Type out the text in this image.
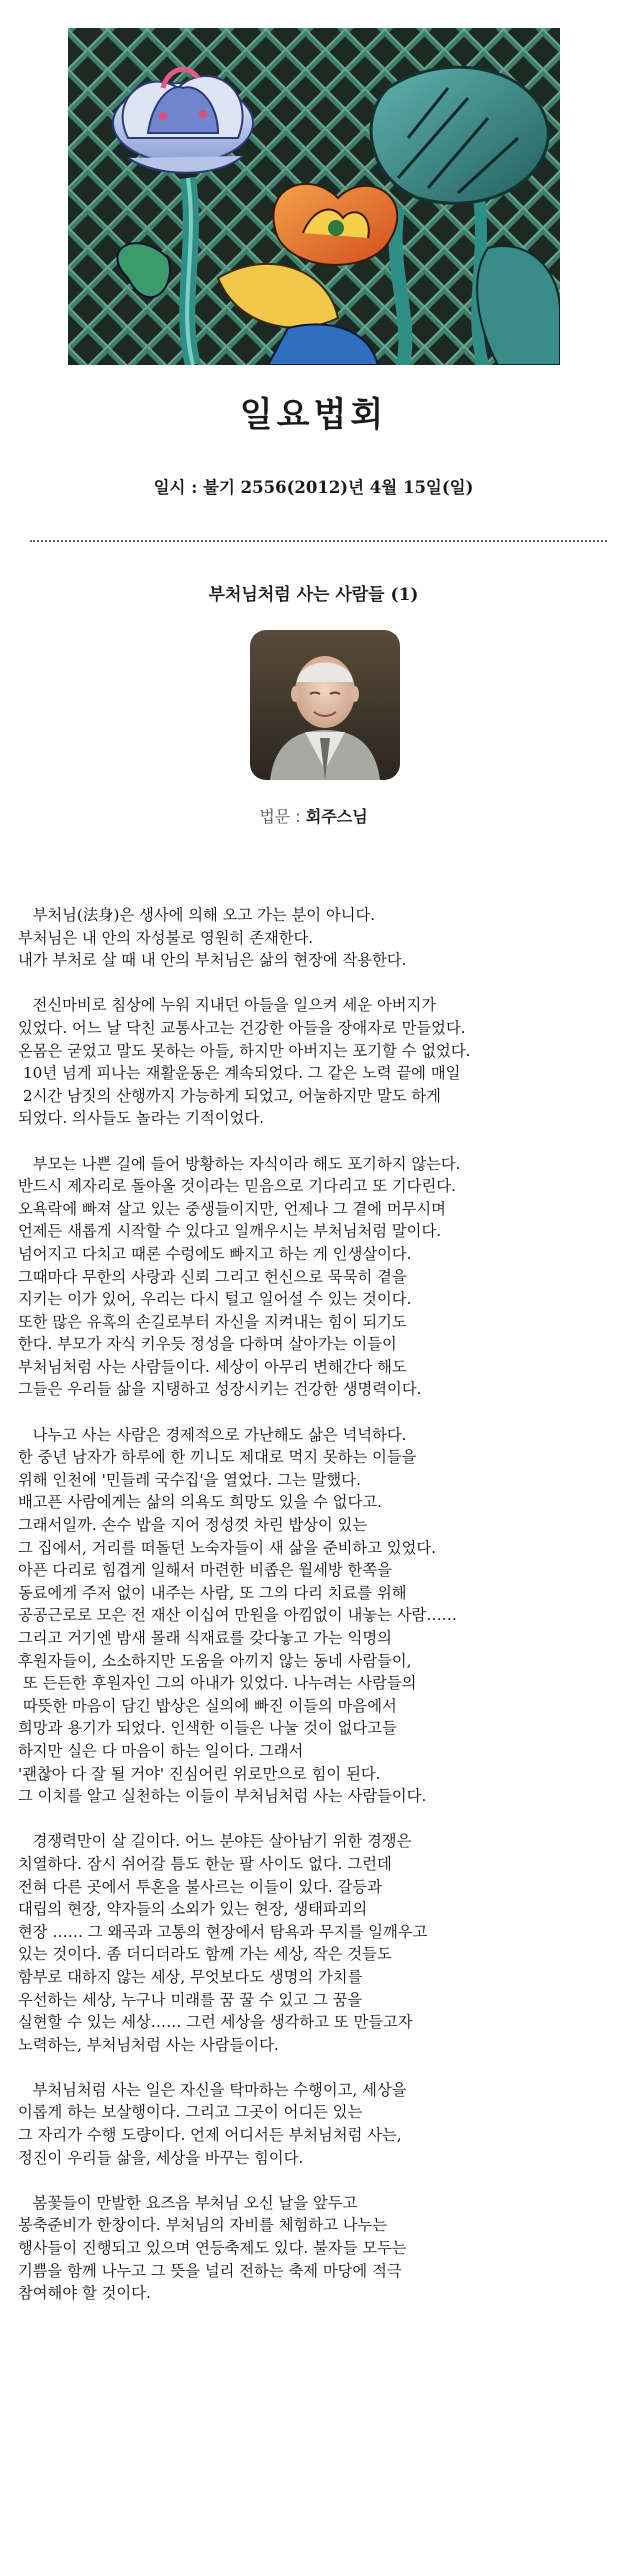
일요법회
일시 : 불기 2556(2012)년 4월 15일(일)
부처님처럼 사는 사람들 (1)
법문 : 회주스님

부처님(法身)은 생사에 의해 오고 가는 분이 아니다.
부처님은 내 안의 자성불로 영원히 존재한다.
내가 부처로 살 때 내 안의 부처님은 삶의 현장에 작용한다.

전신마비로 침상에 누워 지내던 아들을 일으켜 세운 아버지가
있었다. 어느 날 닥친 교통사고는 건강한 아들을 장애자로 만들었다.
온몸은 굳었고 말도 못하는 아들, 하지만 아버지는 포기할 수 없었다.
10년 넘게 피나는 재활운동은 계속되었다. 그 같은 노력 끝에 매일
2시간 남짓의 산행까지 가능하게 되었고, 어눌하지만 말도 하게
되었다. 의사들도 놀라는 기적이었다.

부모는 나쁜 길에 들어 방황하는 자식이라 해도 포기하지 않는다.
반드시 제자리로 돌아올 것이라는 믿음으로 기다리고 또 기다린다.
오욕락에 빠져 살고 있는 중생들이지만, 언제나 그 곁에 머무시며
언제든 새롭게 시작할 수 있다고 일깨우시는 부처님처럼 말이다.
넘어지고 다치고 때론 수렁에도 빠지고 하는 게 인생살이다.
그때마다 무한의 사랑과 신뢰 그리고 헌신으로 묵묵히 곁을
지키는 이가 있어, 우리는 다시 털고 일어설 수 있는 것이다.
또한 많은 유혹의 손길로부터 자신을 지켜내는 힘이 되기도
한다. 부모가 자식 키우듯 정성을 다하며 살아가는 이들이
부처님처럼 사는 사람들이다. 세상이 아무리 변해간다 해도
그들은 우리들 삶을 지탱하고 성장시키는 건강한 생명력이다.

나누고 사는 사람은 경제적으로 가난해도 삶은 넉넉하다.
한 중년 남자가 하루에 한 끼니도 제대로 먹지 못하는 이들을
위해 인천에 '민들레 국수집'을 열었다. 그는 말했다.
배고픈 사람에게는 삶의 의욕도 희망도 있을 수 없다고.
그래서일까. 손수 밥을 지어 정성껏 차린 밥상이 있는
그 집에서, 거리를 떠돌던 노숙자들이 새 삶을 준비하고 있었다.
아픈 다리로 힘겹게 일해서 마련한 비좁은 월세방 한쪽을
동료에게 주저 없이 내주는 사람, 또 그의 다리 치료를 위해
공공근로로 모은 전 재산 이십여 만원을 아낌없이 내놓는 사람……
그리고 거기엔 밤새 몰래 식재료를 갖다놓고 가는 익명의
후원자들이, 소소하지만 도움을 아끼지 않는 동네 사람들이,
또 든든한 후원자인 그의 아내가 있었다. 나누려는 사람들의
따뜻한 마음이 담긴 밥상은 실의에 빠진 이들의 마음에서
희망과 용기가 되었다. 인색한 이들은 나눌 것이 없다고들
하지만 실은 다 마음이 하는 일이다. 그래서
'괜찮아 다 잘 될 거야' 진심어린 위로만으로 힘이 된다.
그 이치를 알고 실천하는 이들이 부처님처럼 사는 사람들이다.

경쟁력만이 살 길이다. 어느 분야든 살아남기 위한 경쟁은
치열하다. 잠시 쉬어갈 틈도 한눈 팔 사이도 없다. 그런데
전혀 다른 곳에서 투혼을 불사르는 이들이 있다. 갈등과
대립의 현장, 약자들의 소외가 있는 현장, 생태파괴의
현장 …… 그 왜곡과 고통의 현장에서 탐욕과 무지를 일깨우고
있는 것이다. 좀 더디더라도 함께 가는 세상, 작은 것들도
함부로 대하지 않는 세상, 무엇보다도 생명의 가치를
우선하는 세상, 누구나 미래를 꿈 꿀 수 있고 그 꿈을
실현할 수 있는 세상…… 그런 세상을 생각하고 또 만들고자
노력하는, 부처님처럼 사는 사람들이다.

부처님처럼 사는 일은 자신을 탁마하는 수행이고, 세상을
이롭게 하는 보살행이다. 그리고 그곳이 어디든 있는
그 자리가 수행 도량이다. 언제 어디서든 부처님처럼 사는,
정진이 우리들 삶을, 세상을 바꾸는 힘이다.

봄꽃들이 만발한 요즈음 부처님 오신 날을 앞두고
봉축준비가 한창이다. 부처님의 자비를 체험하고 나누는
행사들이 진행되고 있으며 연등축제도 있다. 불자들 모두는
기쁨을 함께 나누고 그 뜻을 널리 전하는 축제 마당에 적극
참여해야 할 것이다.
